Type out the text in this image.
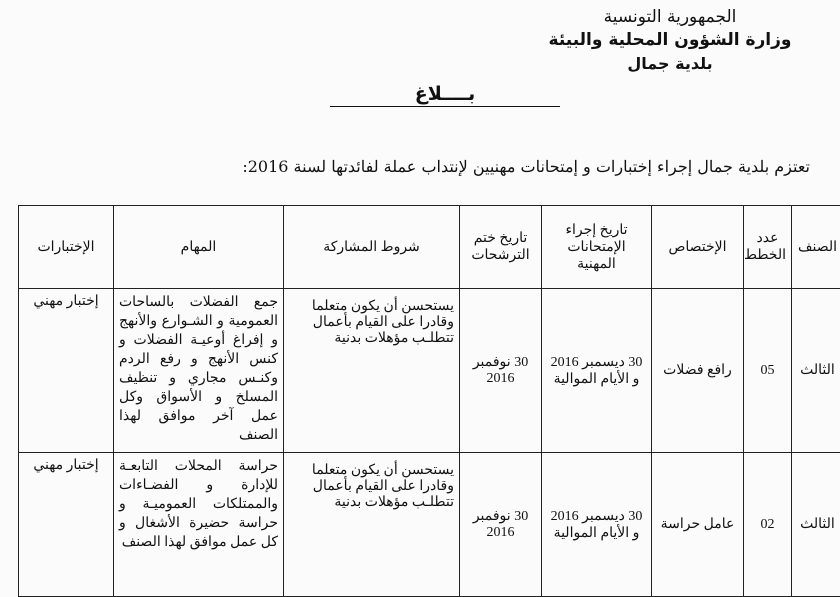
الجمهورية التونسية
وزارة الشؤون المحلية والبيئة
بلدية جمال
بــــلاغ
تعتزم بلدية جمال إجراء إختبارات و إمتحانات مهنيين لإنتداب عملة لفائدتها لسنة 2016:
الصنف	عدد الخطط	الإختصاص	تاريخ إجراء الإمتحانات المهنية	تاريخ ختم الترشحات	شروط المشاركة	المهام	الإختبارات
الثالث	05	رافع فضلات	30 ديسمبر 2016 و الأيام الموالية	30 نوفمبر 2016	يستحسن أن يكون متعلما وقادرا على القيام بأعمال تتطلـب مؤهلات بدنية	جمع الفضلات بالساحات العمومية و الشـوارع والأنهج و إفراغ أوعيـة الفضلات و كنس الأنهج و رفع الردم وكنـس مجاري و تنظيف المسلخ و الأسواق وكل عمل آخر موافق لهذا الصنف	إختبار مهني
الثالث	02	عامل حراسة	30 ديسمبر 2016 و الأيام الموالية	30 نوفمبر 2016	يستحسن أن يكون متعلما وقادرا على القيام بأعمال تتطلـب مؤهلات بدنية	حراسة المحلات التابعـة للإدارة و الفضـاءات والممتلكات العموميـة و حراسة حضيرة الأشغال و كل عمل موافق لهذا الصنف	إختبار مهني
